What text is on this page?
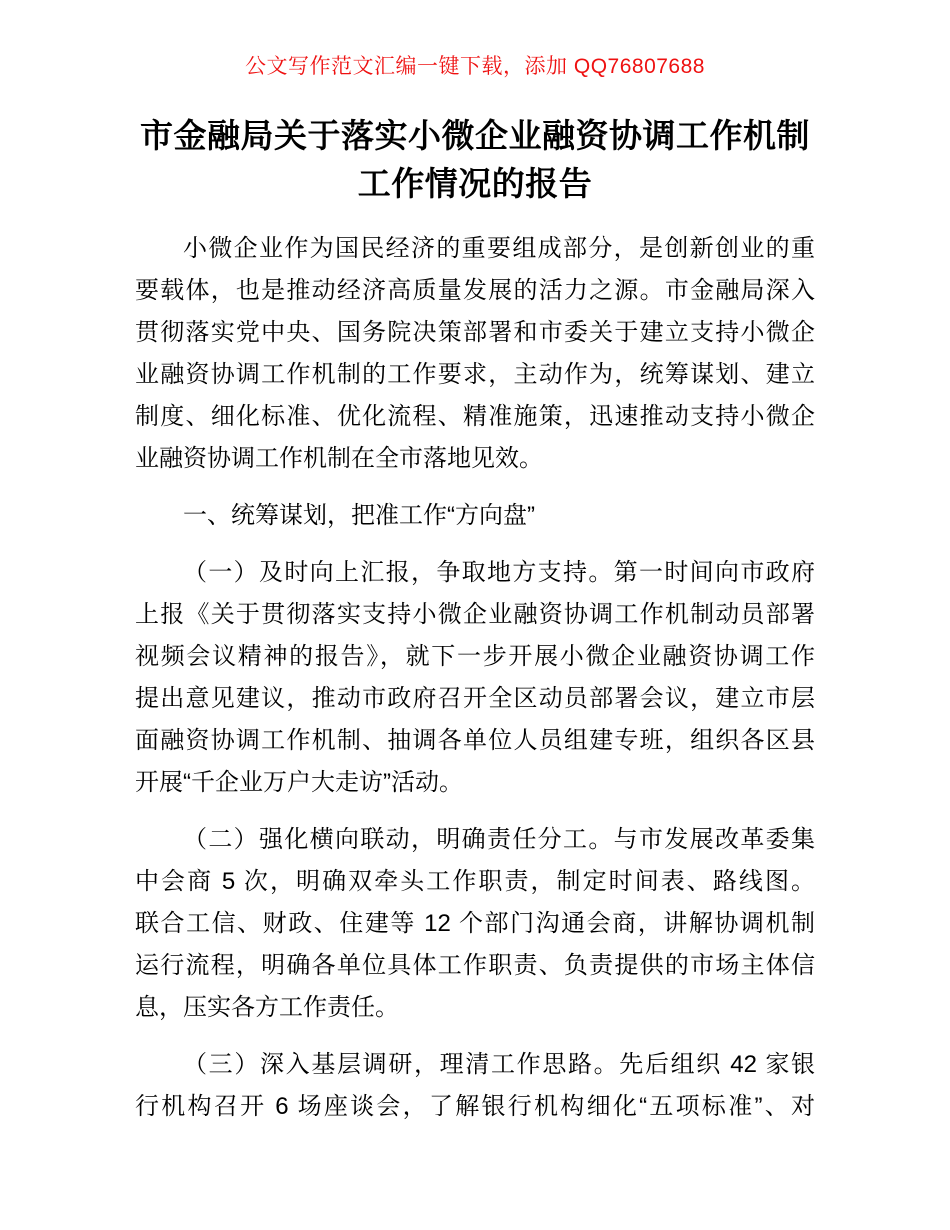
公文写作范文汇编一键下载，添加 QQ76807688
市金融局关于落实小微企业融资协调工作机制
工作情况的报告
小微企业作为国民经济的重要组成部分，是创新创业的重
要载体，也是推动经济高质量发展的活力之源。市金融局深入
贯彻落实党中央、国务院决策部署和市委关于建立支持小微企
业融资协调工作机制的工作要求，主动作为，统筹谋划、建立
制度、细化标准、优化流程、精准施策，迅速推动支持小微企
业融资协调工作机制在全市落地见效。
一、统筹谋划，把准工作“方向盘”
（一）及时向上汇报，争取地方支持。第一时间向市政府
上报《关于贯彻落实支持小微企业融资协调工作机制动员部署
视频会议精神的报告》，就下一步开展小微企业融资协调工作
提出意见建议，推动市政府召开全区动员部署会议，建立市层
面融资协调工作机制、抽调各单位人员组建专班，组织各区县
开展“千企业万户大走访”活动。
（二）强化横向联动，明确责任分工。与市发展改革委集
中会商 5 次，明确双牵头工作职责，制定时间表、路线图。
联合工信、财政、住建等 12 个部门沟通会商，讲解协调机制
运行流程，明确各单位具体工作职责、负责提供的市场主体信
息，压实各方工作责任。
（三）深入基层调研，理清工作思路。先后组织 42 家银
行机构召开 6 场座谈会，了解银行机构细化“五项标准”、对
